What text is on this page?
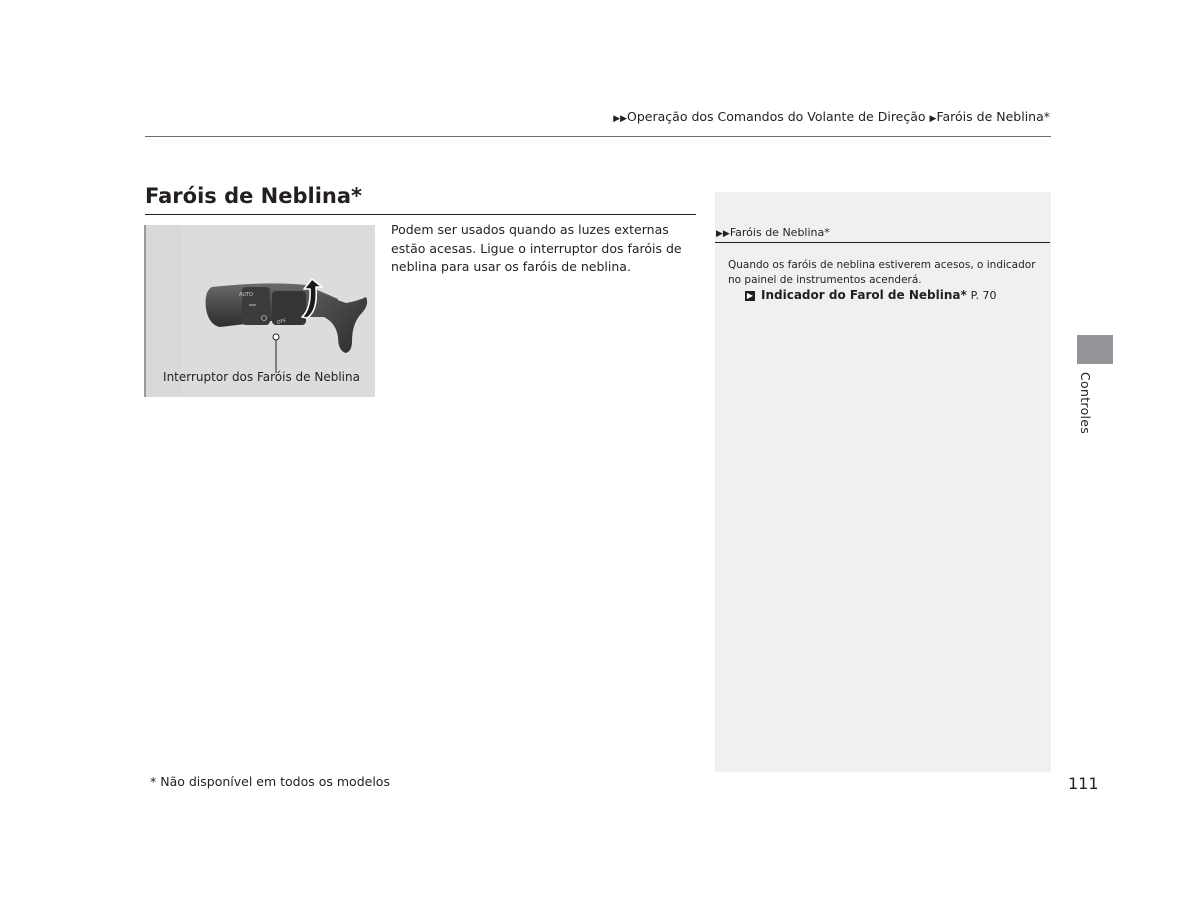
▶▶Operação dos Comandos do Volante de Direção ▶Faróis de Neblina*
Faróis de Neblina*
AUTO
OFF
Interruptor dos Faróis de Neblina

Podem ser usados quando as luzes externas estão acesas. Ligue o interruptor dos faróis de neblina para usar os faróis de neblina.

▶▶Faróis de Neblina*

Quando os faróis de neblina estiverem acesos, o indicador no painel de instrumentos acenderá.

▶ Indicador do Farol de Neblina* P. 70
Controles
* Não disponível em todos os modelos	111
